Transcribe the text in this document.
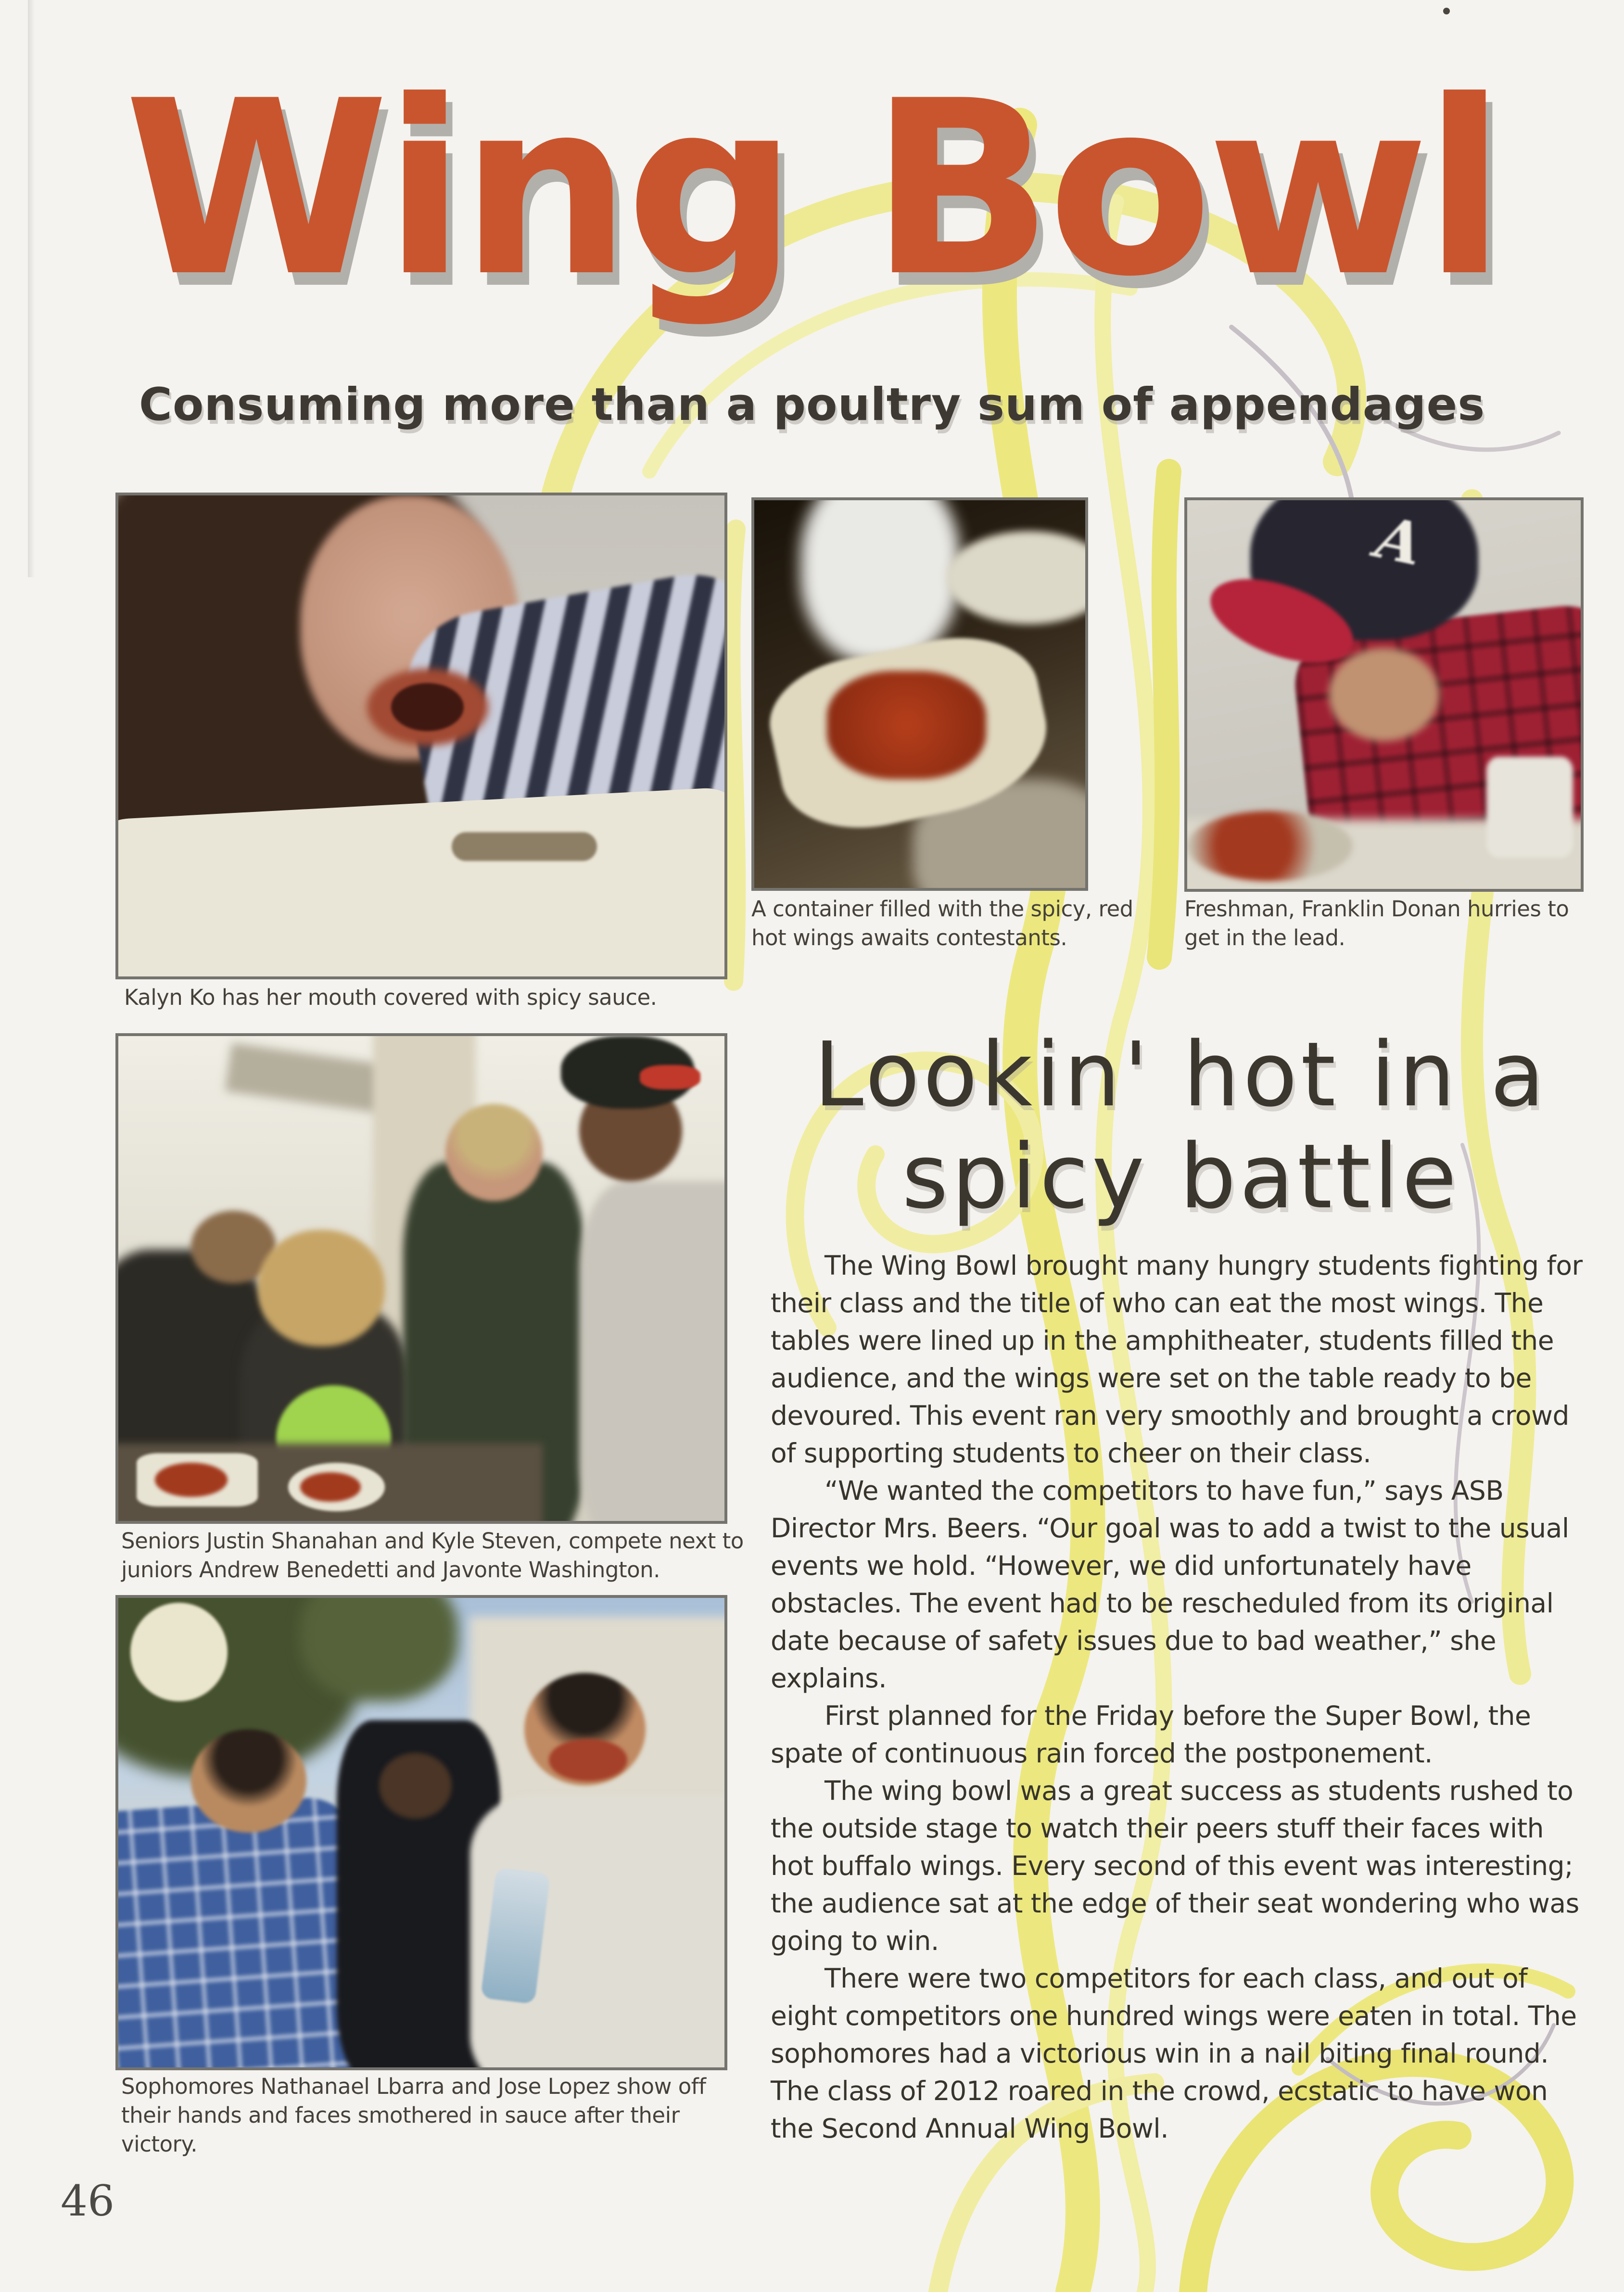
Wing Bowl
Consuming more than a poultry sum of appendages

Kalyn Ko has her mouth covered with spicy sauce.

A container filled with the spicy, red hot wings awaits contestants.

A

Freshman, Franklin Donan hurries to get in the lead.

Lookin' hot in a
spicy battle

The Wing Bowl brought many hungry students fighting for their class and the title of who can eat the most wings. The tables were lined up in the amphitheater, students filled the audience, and the wings were set on the table ready to be devoured. This event ran very smoothly and brought a crowd of supporting students to cheer on their class.

“We wanted the competitors to have fun,” says ASB Director Mrs. Beers. “Our goal was to add a twist to the usual events we hold. “However, we did unfortunately have obstacles. The event had to be rescheduled from its original date because of safety issues due to bad weather,” she explains.

First planned for the Friday before the Super Bowl, the spate of continuous rain forced the postponement.

The wing bowl was a great success as students rushed to the outside stage to watch their peers stuff their faces with hot buffalo wings. Every second of this event was interesting; the audience sat at the edge of their seat wondering who was going to win.

There were two competitors for each class, and out of eight competitors one hundred wings were eaten in total. The sophomores had a victorious win in a nail biting final round. The class of 2012 roared in the crowd, ecstatic to have won the Second Annual Wing Bowl.

Seniors Justin Shanahan and Kyle Steven, compete next to juniors Andrew Benedetti and Javonte Washington.

Sophomores Nathanael Lbarra and Jose Lopez show off their hands and faces smothered in sauce after their victory.

46
